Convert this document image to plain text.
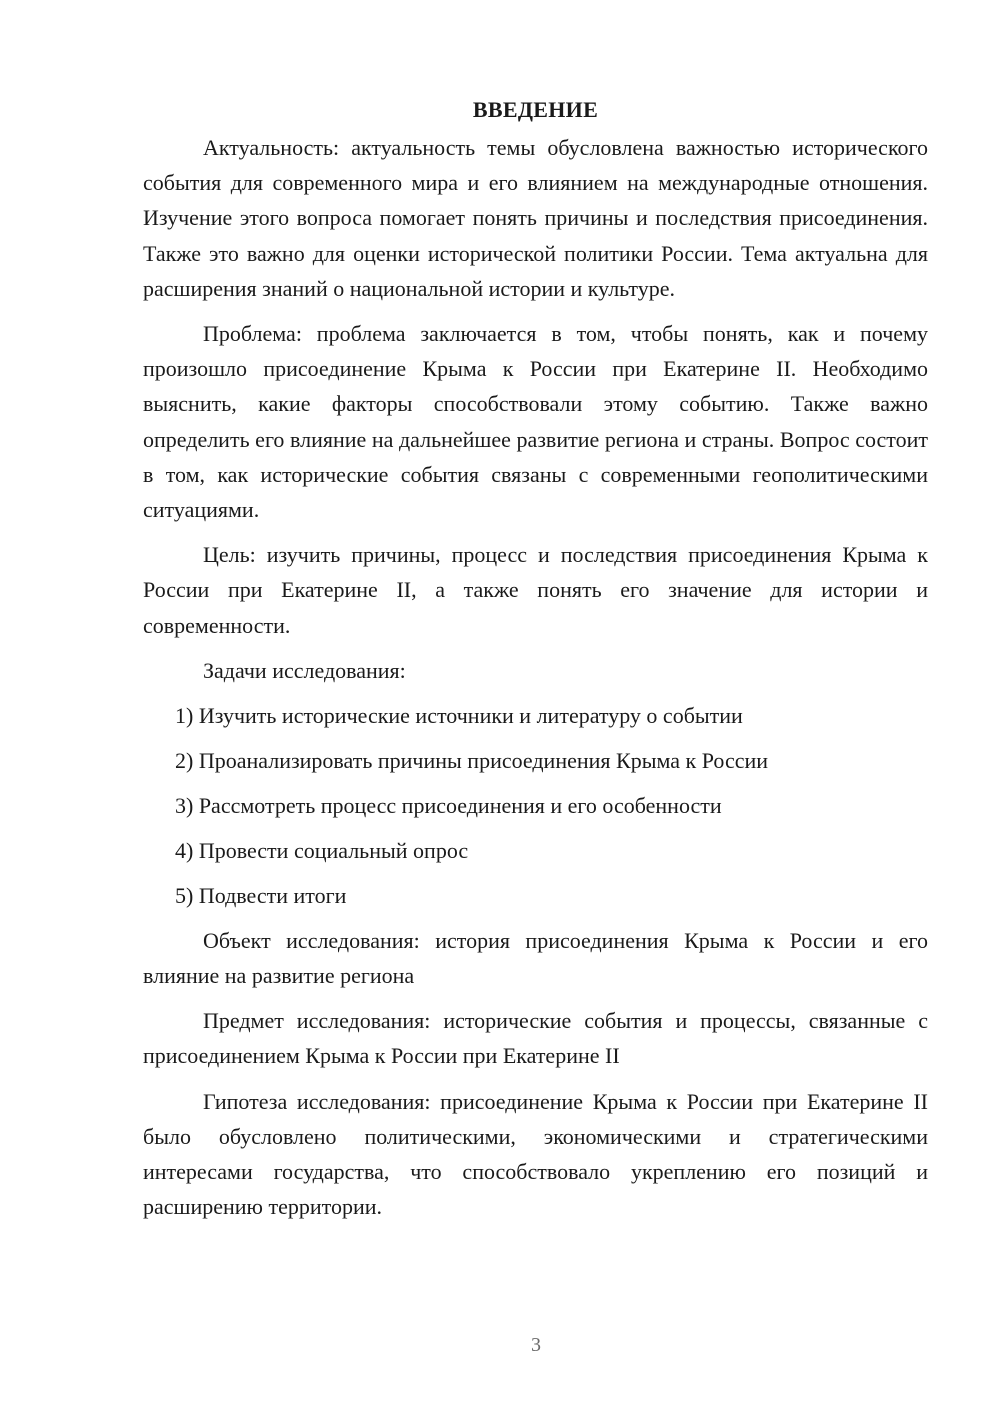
ВВЕДЕНИЕ

Актуальность: актуальность темы обусловлена важностью исторического события для современного мира и его влиянием на международные отношения. Изучение этого вопроса помогает понять причины и последствия присоединения. Также это важно для оценки исторической политики России. Тема актуальна для расширения знаний о национальной истории и культуре.

Проблема: проблема заключается в том, чтобы понять, как и почему произошло присоединение Крыма к России при Екатерине II. Необходимо выяснить, какие факторы способствовали этому событию. Также важно определить его влияние на дальнейшее развитие региона и страны. Вопрос состоит в том, как исторические события связаны с современными геополитическими ситуациями.

Цель: изучить причины, процесс и последствия присоединения Крыма к России при Екатерине II, а также понять его значение для истории и современности.

Задачи исследования:
1) Изучить исторические источники и литературу о событии
2) Проанализировать причины присоединения Крыма к России
3) Рассмотреть процесс присоединения и его особенности
4) Провести социальный опрос
5) Подвести итоги

Объект исследования: история присоединения Крыма к России и его влияние на развитие региона

Предмет исследования: исторические события и процессы, связанные с присоединением Крыма к России при Екатерине II

Гипотеза исследования: присоединение Крыма к России при Екатерине II было обусловлено политическими, экономическими и стратегическими интересами государства, что способствовало укреплению его позиций и расширению территории.

3
